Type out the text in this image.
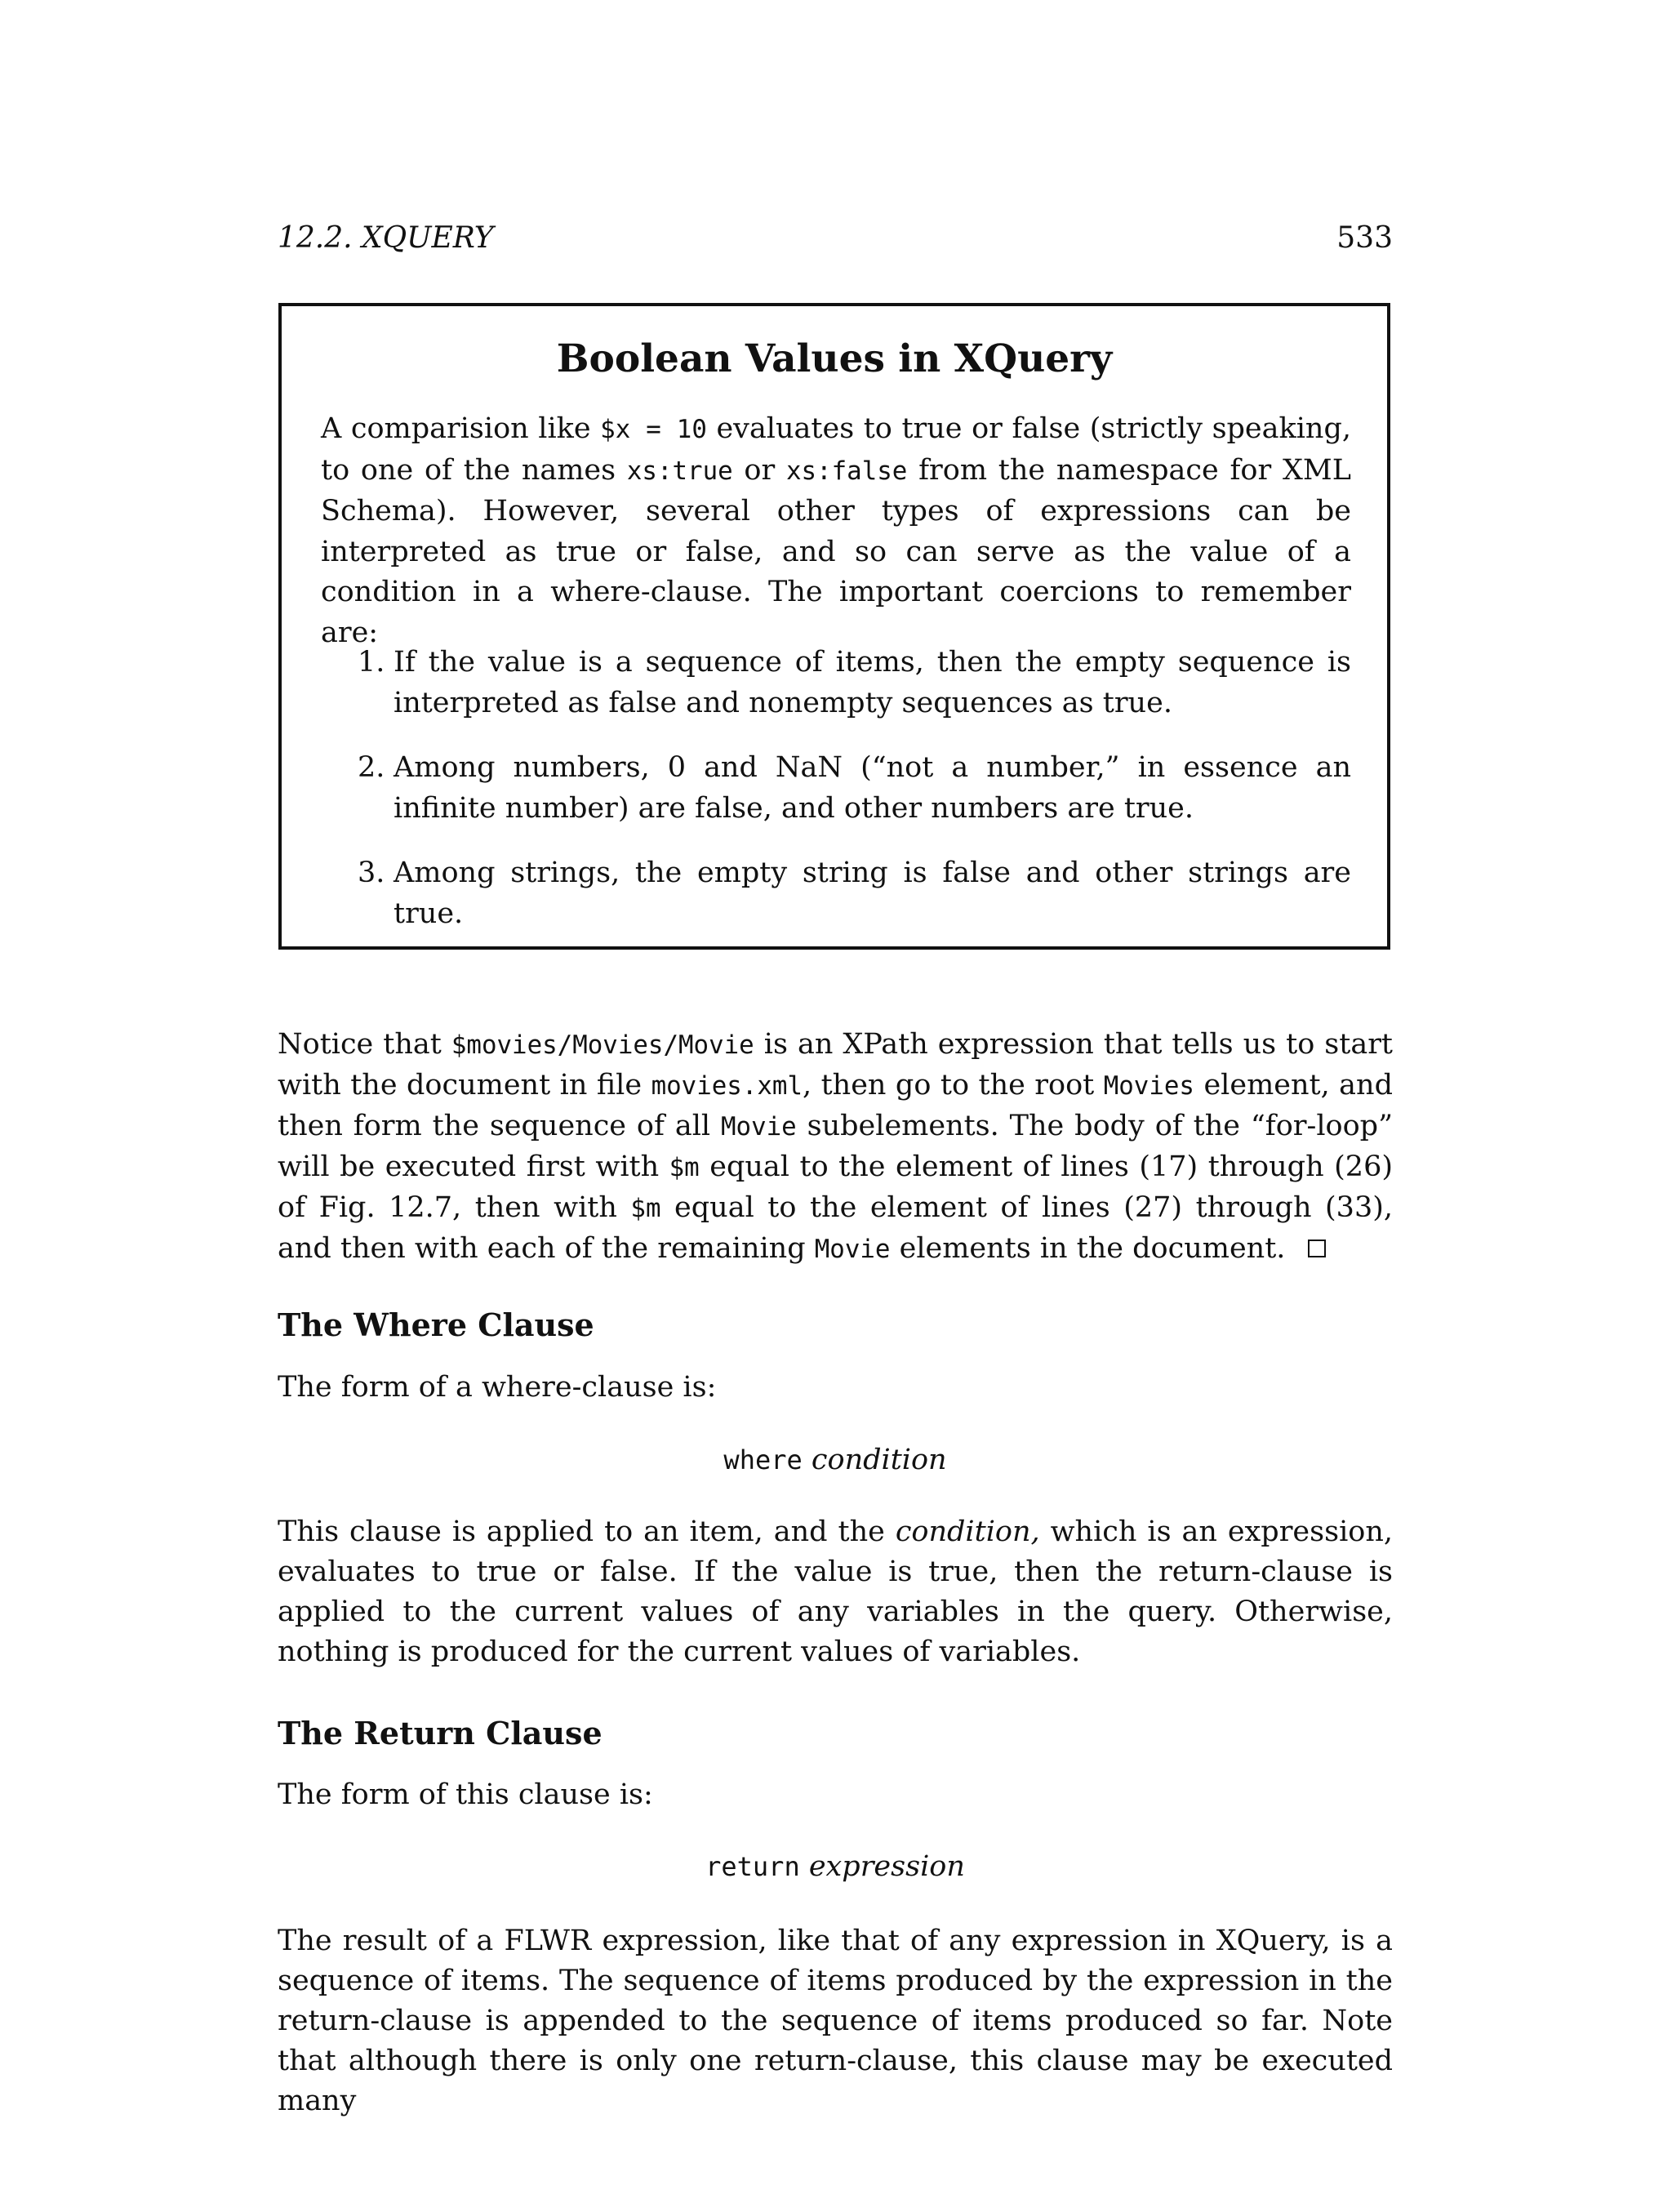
12.2. XQUERY	533
Boolean Values in XQuery
A comparision like $x = 10 evaluates to true or false (strictly speaking, to one of the names xs:true or xs:false from the namespace for XML Schema). However, several other types of expressions can be interpreted as true or false, and so can serve as the value of a condition in a where-clause. The important coercions to remember are:
1. If the value is a sequence of items, then the empty sequence is interpreted as false and nonempty sequences as true.
2. Among numbers, 0 and NaN (“not a number,” in essence an infinite number) are false, and other numbers are true.
3. Among strings, the empty string is false and other strings are true.
Notice that $movies/Movies/Movie is an XPath expression that tells us to start with the document in file movies.xml, then go to the root Movies element, and then form the sequence of all Movie subelements. The body of the “for-loop” will be executed first with $m equal to the element of lines (17) through (26) of Fig. 12.7, then with $m equal to the element of lines (27) through (33), and then with each of the remaining Movie elements in the document.
The Where Clause
The form of a where-clause is:
where condition
This clause is applied to an item, and the condition, which is an expression, evaluates to true or false. If the value is true, then the return-clause is applied to the current values of any variables in the query. Otherwise, nothing is produced for the current values of variables.
The Return Clause
The form of this clause is:
return expression
The result of a FLWR expression, like that of any expression in XQuery, is a sequence of items. The sequence of items produced by the expression in the return-clause is appended to the sequence of items produced so far. Note that although there is only one return-clause, this clause may be executed many
